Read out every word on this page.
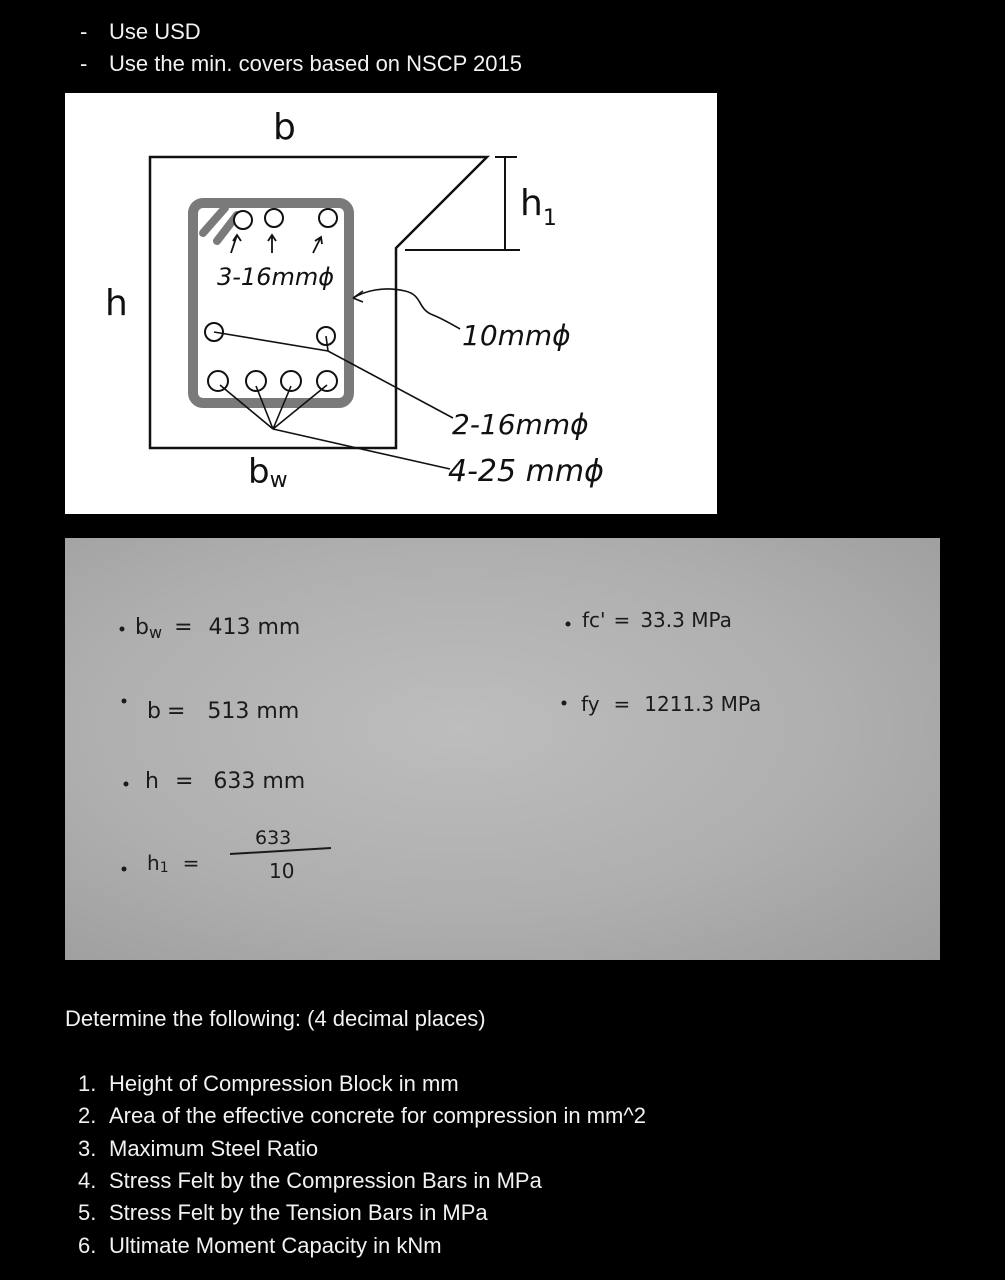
- Use USD
- Use the min. covers based on NSCP 2015
3-16mmϕ
b
h
$h_1$
bw
10mmϕ
2-16mmϕ
4-25 mmϕ
bw = 413 mm
b = 513 mm
h = 633 mm
h1 =
633
10
fc' = 33.3 MPa
fy = 1211.3 MPa
Determine the following: (4 decimal places)
1. Height of Compression Block in mm
2. Area of the effective concrete for compression in mm^2
3. Maximum Steel Ratio
4. Stress Felt by the Compression Bars in MPa
5. Stress Felt by the Tension Bars in MPa
6. Ultimate Moment Capacity in kNm
